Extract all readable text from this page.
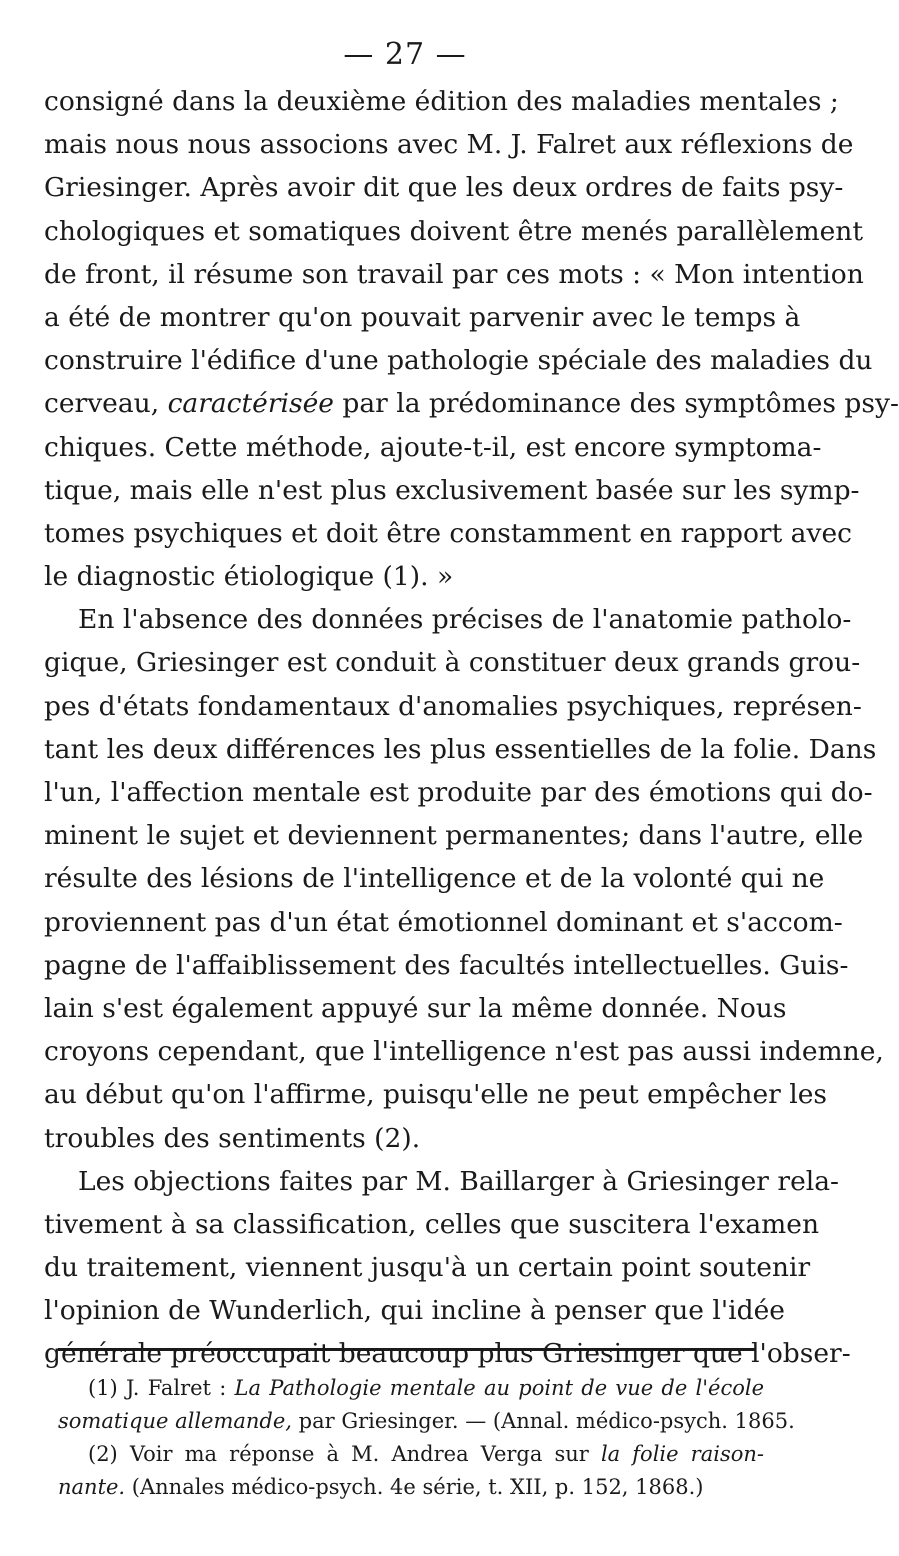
— 27 —
consigné dans la deuxième édition des maladies mentales ;
mais nous nous associons avec M. J. Falret aux réflexions de
Griesinger. Après avoir dit que les deux ordres de faits psy-
chologiques et somatiques doivent être menés parallèlement
de front, il résume son travail par ces mots : « Mon intention
a été de montrer qu'on pouvait parvenir avec le temps à
construire l'édifice d'une pathologie spéciale des maladies du
cerveau, caractérisée par la prédominance des symptômes psy-
chiques. Cette méthode, ajoute-t-il, est encore symptoma-
tique, mais elle n'est plus exclusivement basée sur les symp-
tomes psychiques et doit être constamment en rapport avec
le diagnostic étiologique (1). »
En l'absence des données précises de l'anatomie patholo-
gique, Griesinger est conduit à constituer deux grands grou-
pes d'états fondamentaux d'anomalies psychiques, représen-
tant les deux différences les plus essentielles de la folie. Dans
l'un, l'affection mentale est produite par des émotions qui do-
minent le sujet et deviennent permanentes; dans l'autre, elle
résulte des lésions de l'intelligence et de la volonté qui ne
proviennent pas d'un état émotionnel dominant et s'accom-
pagne de l'affaiblissement des facultés intellectuelles. Guis-
lain s'est également appuyé sur la même donnée. Nous
croyons cependant, que l'intelligence n'est pas aussi indemne,
au début qu'on l'affirme, puisqu'elle ne peut empêcher les
troubles des sentiments (2).
Les objections faites par M. Baillarger à Griesinger rela-
tivement à sa classification, celles que suscitera l'examen
du traitement, viennent jusqu'à un certain point soutenir
l'opinion de Wunderlich, qui incline à penser que l'idée
générale préoccupait beaucoup plus Griesinger que l'obser-
(1) J. Falret : La Pathologie mentale au point de vue de l'école
somatique allemande, par Griesinger. — (Annal. médico-psych. 1865.
(2) Voir ma réponse à M. Andrea Verga sur la folie raison-
nante. (Annales médico-psych. 4e série, t. XII, p. 152, 1868.)
